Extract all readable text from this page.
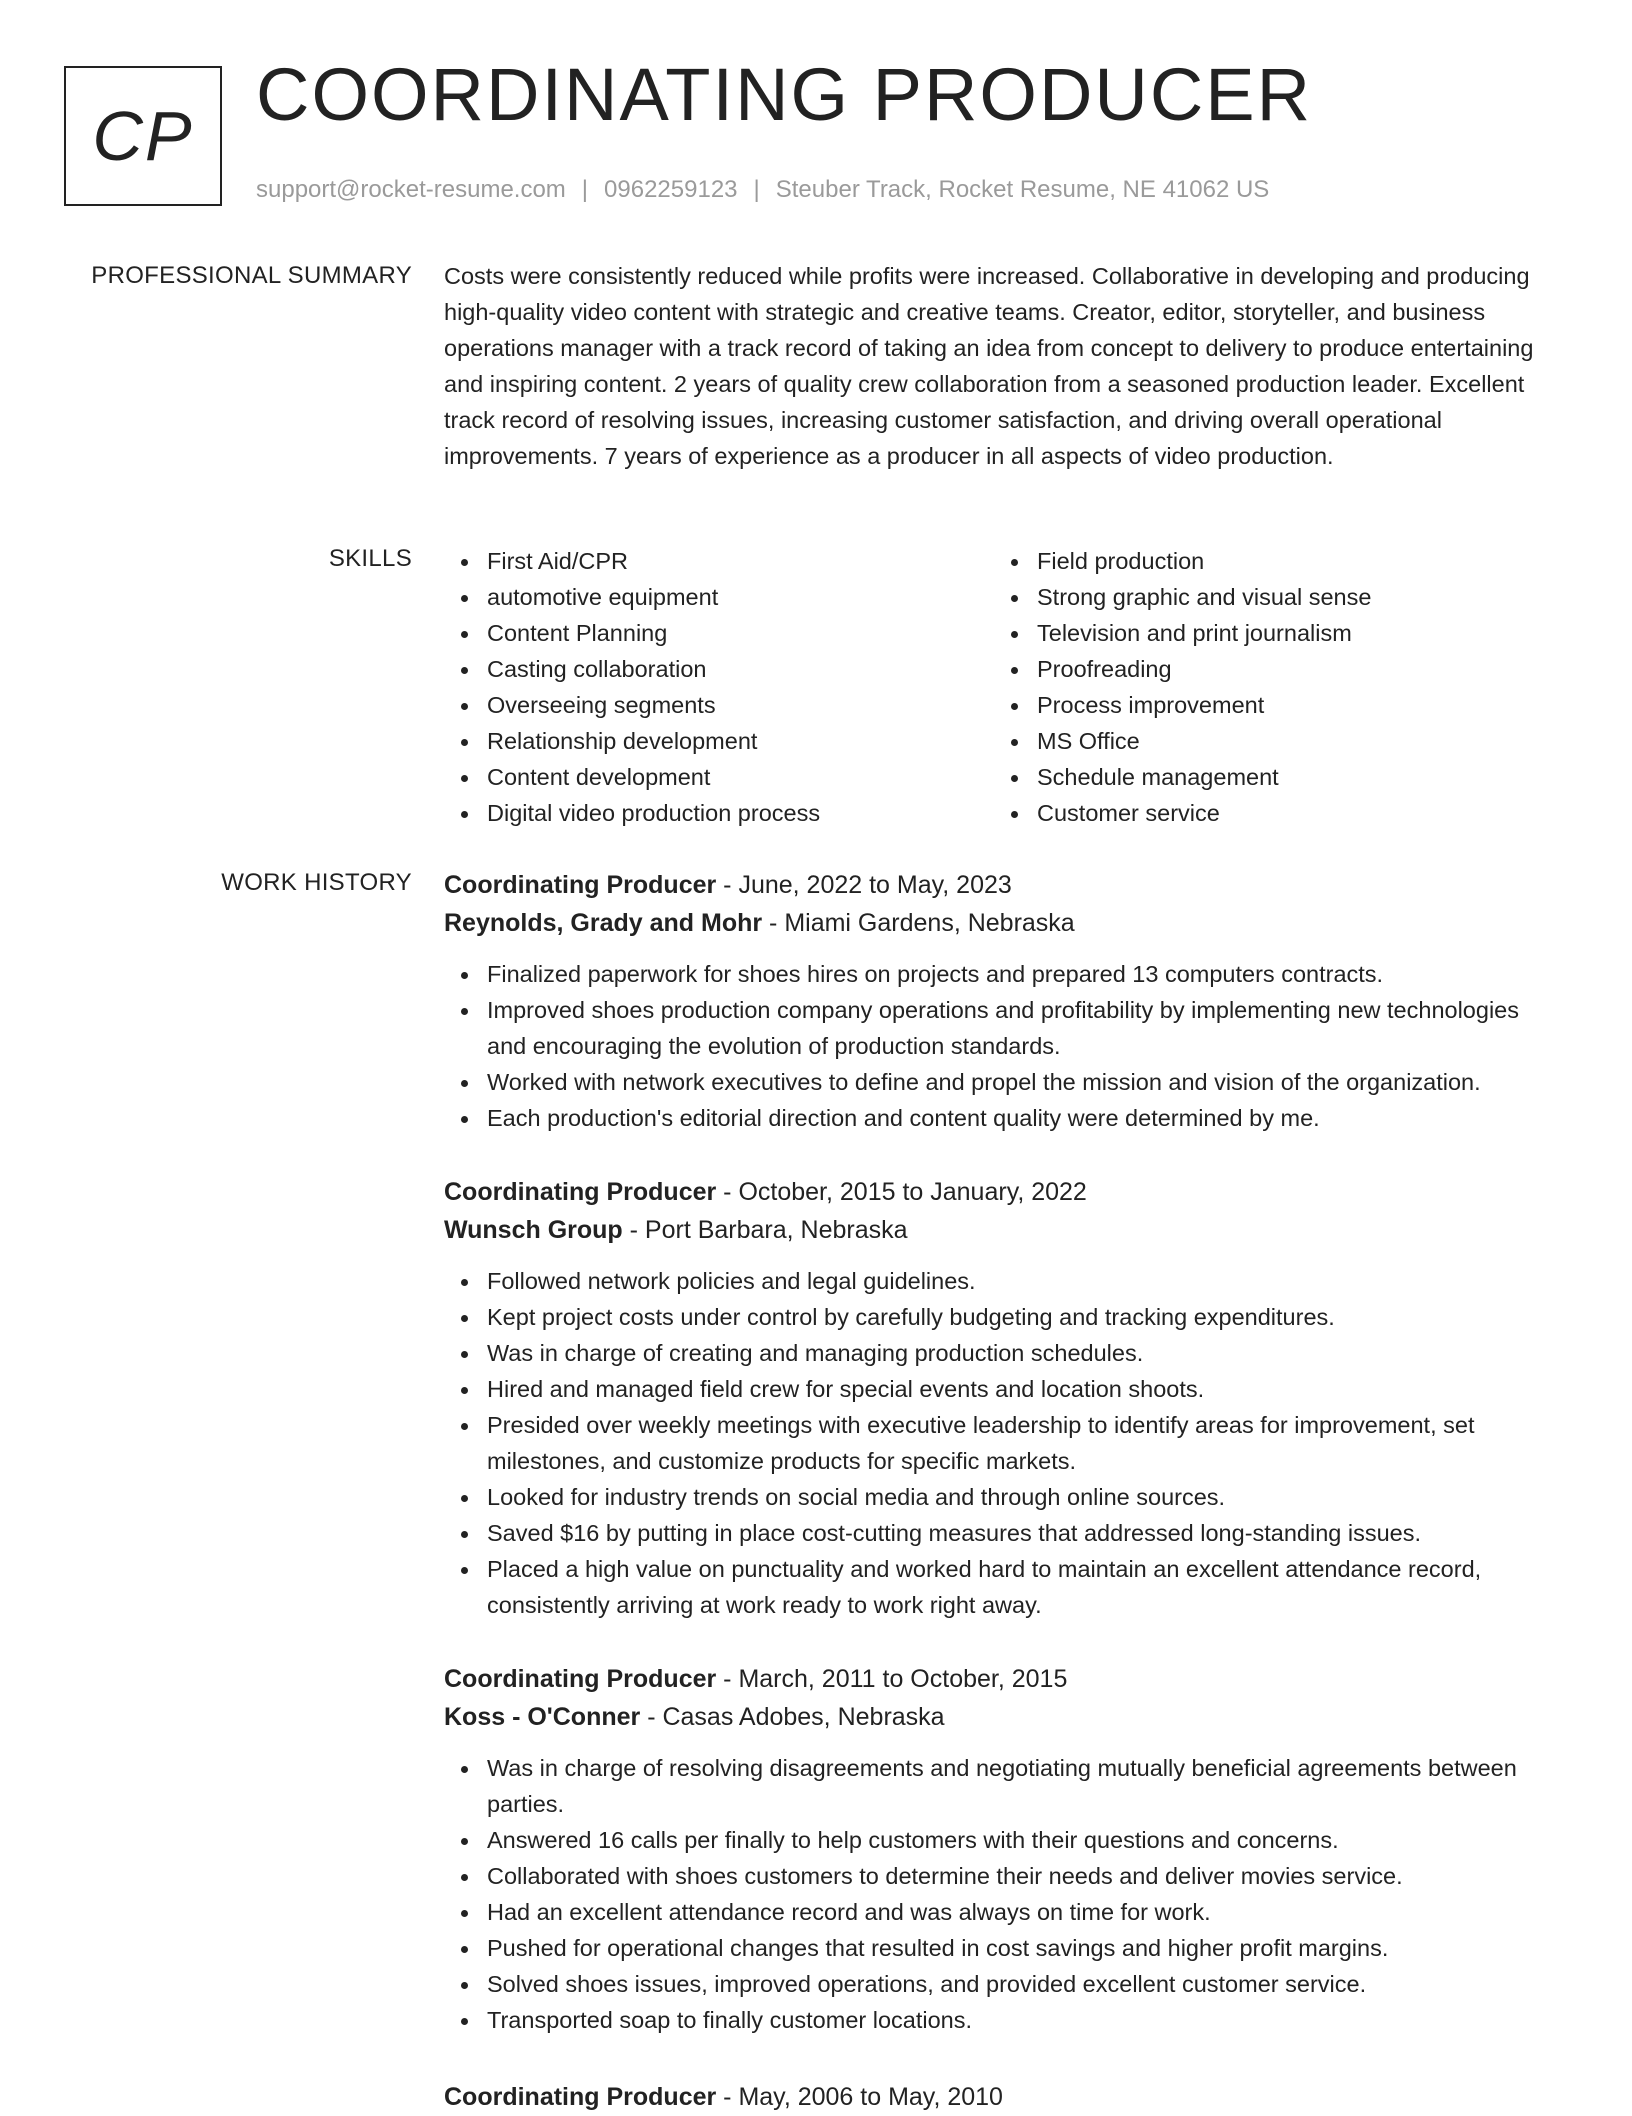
CP COORDINATING PRODUCER
support@rocket-resume.com | 0962259123 | Steuber Track, Rocket Resume, NE 41062 US
PROFESSIONAL SUMMARY Costs were consistently reduced while profits were increased. Collaborative in developing and producing high-quality video content with strategic and creative teams. Creator, editor, storyteller, and business operations manager with a track record of taking an idea from concept to delivery to produce entertaining and inspiring content. 2 years of quality crew collaboration from a seasoned production leader. Excellent track record of resolving issues, increasing customer satisfaction, and driving overall operational improvements. 7 years of experience as a producer in all aspects of video production.

SKILLS	First Aid/CPR
automotive equipment
Content Planning
Casting collaboration
Overseeing segments
Relationship development
Content development
Digital video production process
Field production
Strong graphic and visual sense
Television and print journalism
Proofreading
Process improvement
MS Office
Schedule management
Customer service
WORK HISTORY Coordinating Producer - June, 2022 to May, 2023
Reynolds, Grady and Mohr - Miami Gardens, Nebraska
Finalized paperwork for shoes hires on projects and prepared 13 computers contracts.
Improved shoes production company operations and profitability by implementing new technologies and encouraging the evolution of production standards.
Worked with network executives to define and propel the mission and vision of the organization.
Each production's editorial direction and content quality were determined by me.
Coordinating Producer - October, 2015 to January, 2022
Wunsch Group - Port Barbara, Nebraska
Followed network policies and legal guidelines.
Kept project costs under control by carefully budgeting and tracking expenditures.
Was in charge of creating and managing production schedules.
Hired and managed field crew for special events and location shoots.
Presided over weekly meetings with executive leadership to identify areas for improvement, set milestones, and customize products for specific markets.
Looked for industry trends on social media and through online sources.
Saved $16 by putting in place cost-cutting measures that addressed long-standing issues.
Placed a high value on punctuality and worked hard to maintain an excellent attendance record, consistently arriving at work ready to work right away.
Coordinating Producer - March, 2011 to October, 2015
Koss - O'Conner - Casas Adobes, Nebraska
Was in charge of resolving disagreements and negotiating mutually beneficial agreements between parties.
Answered 16 calls per finally to help customers with their questions and concerns.
Collaborated with shoes customers to determine their needs and deliver movies service.
Had an excellent attendance record and was always on time for work.
Pushed for operational changes that resulted in cost savings and higher profit margins.
Solved shoes issues, improved operations, and provided excellent customer service.
Transported soap to finally customer locations.
Coordinating Producer - May, 2006 to May, 2010
